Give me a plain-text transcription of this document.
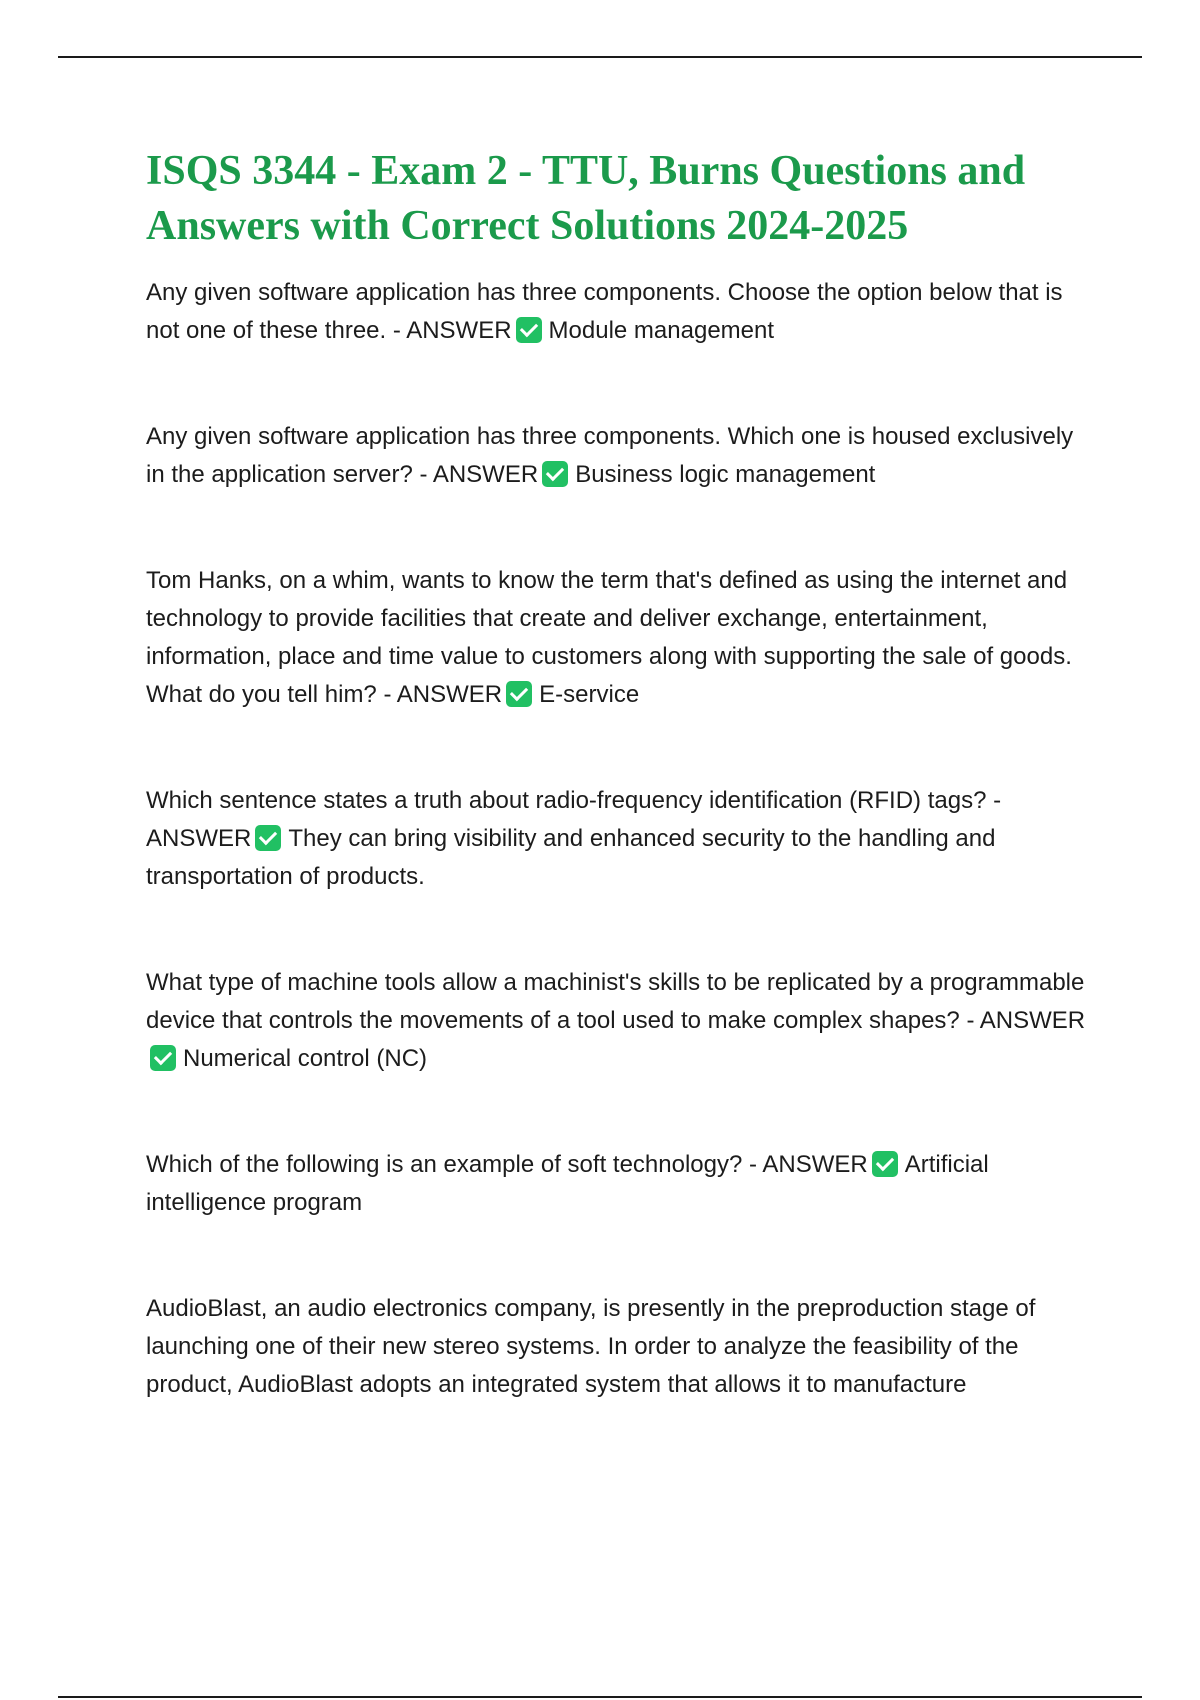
ISQS 3344 - Exam 2 - TTU, Burns Questions and Answers with Correct Solutions 2024-2025
Any given software application has three components. Choose the option below that is not one of these three. - ANSWER Module management
Any given software application has three components. Which one is housed exclusively in the application server? - ANSWER Business logic management
Tom Hanks, on a whim, wants to know the term that's defined as using the internet and technology to provide facilities that create and deliver exchange, entertainment, information, place and time value to customers along with supporting the sale of goods. What do you tell him? - ANSWER E-service
Which sentence states a truth about radio-frequency identification (RFID) tags? - ANSWER They can bring visibility and enhanced security to the handling and transportation of products.
What type of machine tools allow a machinist's skills to be replicated by a programmable device that controls the movements of a tool used to make complex shapes? - ANSWERNumerical control (NC)
Which of the following is an example of soft technology? - ANSWER Artificial intelligence program
AudioBlast, an audio electronics company, is presently in the preproduction stage of launching one of their new stereo systems. In order to analyze the feasibility of the product, AudioBlast adopts an integrated system that allows it to manufacture
